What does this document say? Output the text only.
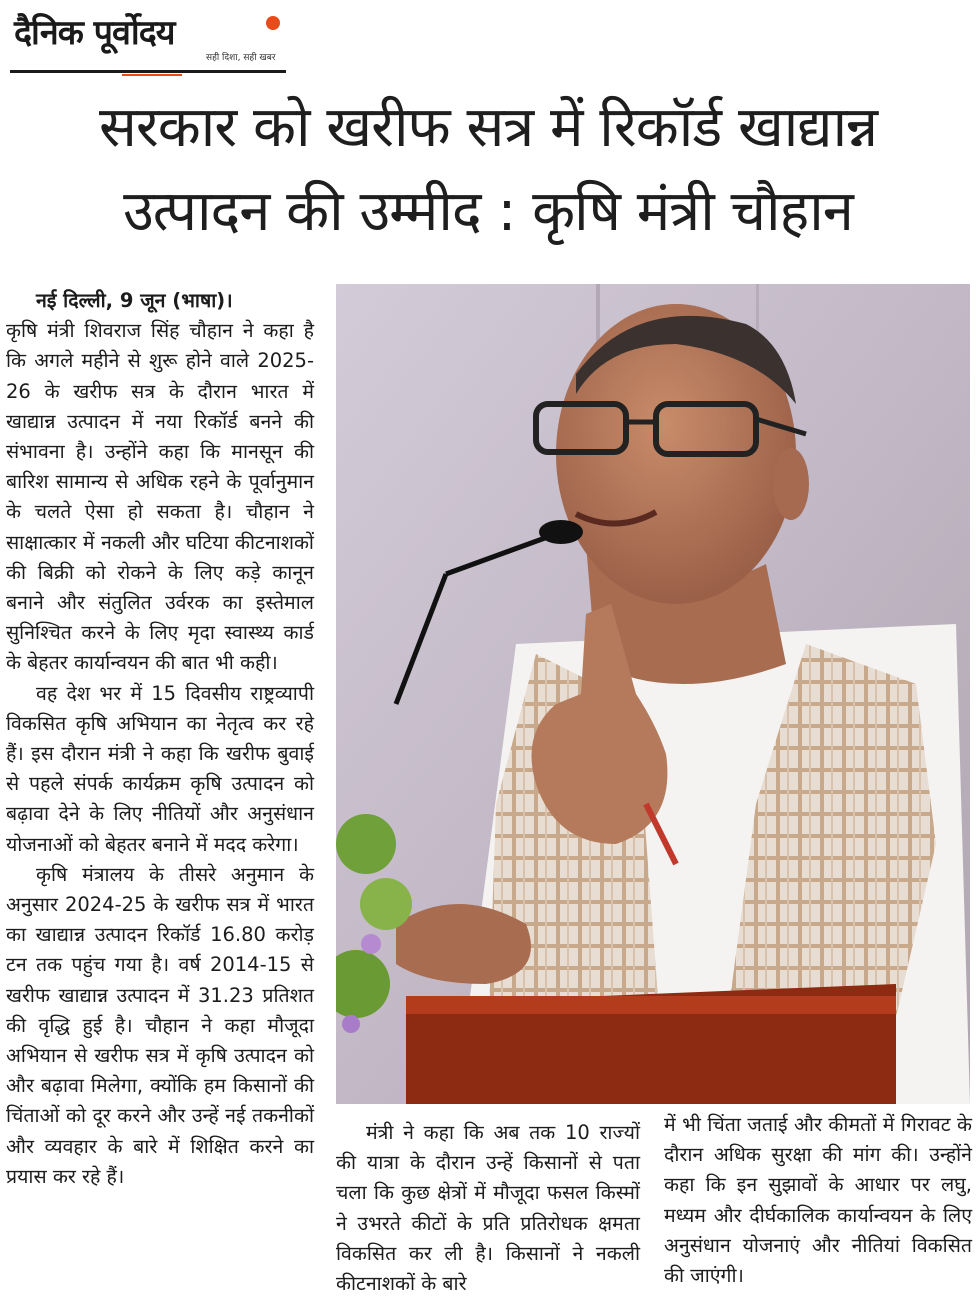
दैनिक पूर्वोदय
सही दिशा, सही खबर
सरकार को खरीफ सत्र में रिकॉर्ड खाद्यान्न
उत्पादन की उम्मीद : कृषि मंत्री चौहान

नई दिल्ली, 9 जून (भाषा)।

कृषि मंत्री शिवराज सिंह चौहान ने कहा है कि अगले महीने से शुरू होने वाले 2025-26 के खरीफ सत्र के दौरान भारत में खाद्यान्न उत्पादन में नया रिकॉर्ड बनने की संभावना है। उन्होंने कहा कि मानसून की बारिश सामान्य से अधिक रहने के पूर्वानुमान के चलते ऐसा हो सकता है। चौहान ने साक्षात्कार में नकली और घटिया कीटनाशकों की बिक्री को रोकने के लिए कड़े कानून बनाने और संतुलित उर्वरक का इस्तेमाल सुनिश्चित करने के लिए मृदा स्वास्थ्य कार्ड के बेहतर कार्यान्वयन की बात भी कही।

वह देश भर में 15 दिवसीय राष्ट्रव्यापी विकसित कृषि अभियान का नेतृत्व कर रहे हैं। इस दौरान मंत्री ने कहा कि खरीफ बुवाई से पहले संपर्क कार्यक्रम कृषि उत्पादन को बढ़ावा देने के लिए नीतियों और अनुसंधान योजनाओं को बेहतर बनाने में मदद करेगा।

कृषि मंत्रालय के तीसरे अनुमान के अनुसार 2024-25 के खरीफ सत्र में भारत का खाद्यान्न उत्पादन रिकॉर्ड 16.80 करोड़ टन तक पहुंच गया है। वर्ष 2014-15 से खरीफ खाद्यान्न उत्पादन में 31.23 प्रतिशत की वृद्धि हुई है। चौहान ने कहा मौजूदा अभियान से खरीफ सत्र में कृषि उत्पादन को और बढ़ावा मिलेगा, क्योंकि हम किसानों की चिंताओं को दूर करने और उन्हें नई तकनीकों और व्यवहार के बारे में शिक्षित करने का प्रयास कर रहे हैं।

मंत्री ने कहा कि अब तक 10 राज्यों की यात्रा के दौरान उन्हें किसानों से पता चला कि कुछ क्षेत्रों में मौजूदा फसल किस्मों ने उभरते कीटों के प्रति प्रतिरोधक क्षमता विकसित कर ली है। किसानों ने नकली कीटनाशकों के बारे

में भी चिंता जताई और कीमतों में गिरावट के दौरान अधिक सुरक्षा की मांग की। उन्होंने कहा कि इन सुझावों के आधार पर लघु, मध्यम और दीर्घकालिक कार्यान्वयन के लिए अनुसंधान योजनाएं और नीतियां विकसित की जाएंगी।
